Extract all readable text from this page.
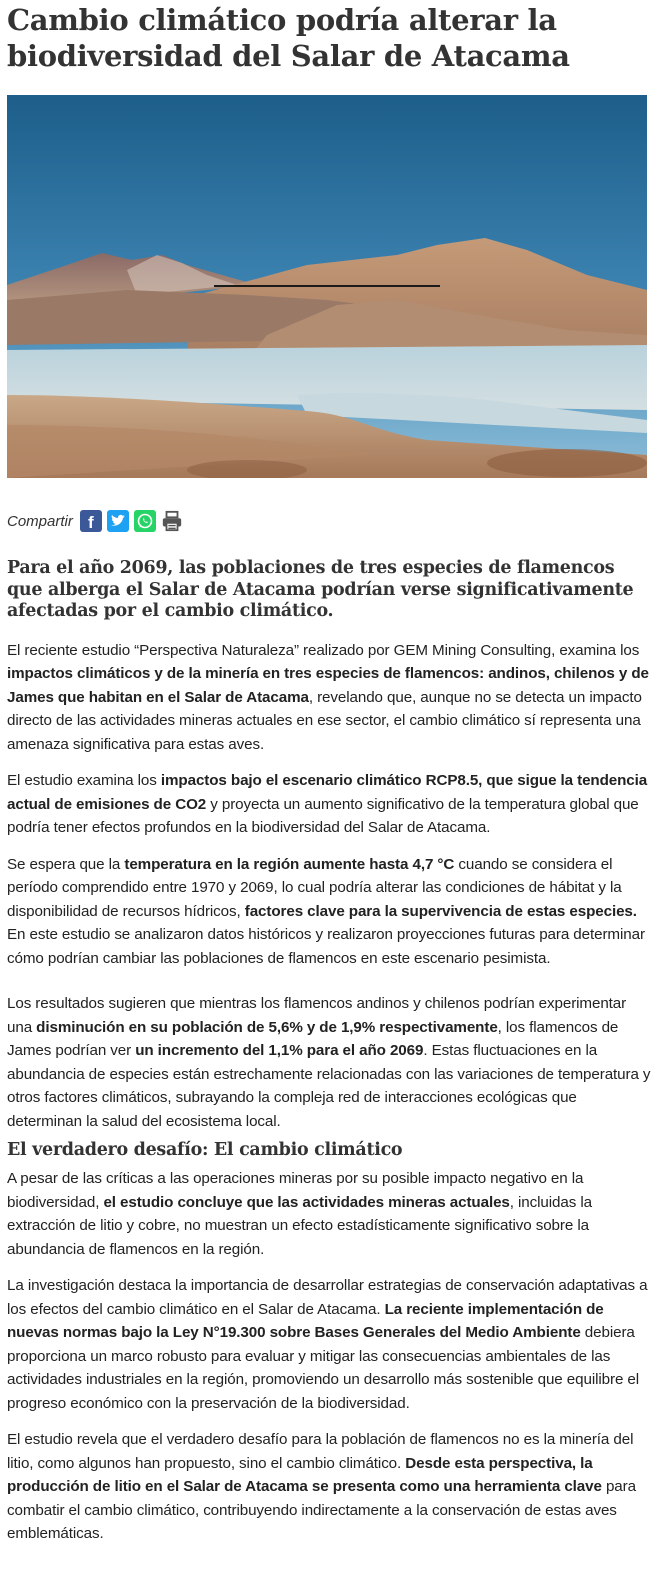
Cambio climático podría alterar la biodiversidad del Salar de Atacama
Compartir f
Para el año 2069, las poblaciones de tres especies de flamencos que alberga el Salar de Atacama podrían verse significativamente afectadas por el cambio climático.

El reciente estudio “Perspectiva Naturaleza” realizado por GEM Mining Consulting, examina los impactos climáticos y de la minería en tres especies de flamencos: andinos, chilenos y de James que habitan en el Salar de Atacama, revelando que, aunque no se detecta un impacto directo de las actividades mineras actuales en ese sector, el cambio climático sí representa una amenaza significativa para estas aves.

El estudio examina los impactos bajo el escenario climático RCP8.5, que sigue la tendencia actual de emisiones de CO2 y proyecta un aumento significativo de la temperatura global que podría tener efectos profundos en la biodiversidad del Salar de Atacama.

Se espera que la temperatura en la región aumente hasta 4,7 °C cuando se considera el período comprendido entre 1970 y 2069, lo cual podría alterar las condiciones de hábitat y la disponibilidad de recursos hídricos, factores clave para la supervivencia de estas especies. En este estudio se analizaron datos históricos y realizaron proyecciones futuras para determinar cómo podrían cambiar las poblaciones de flamencos en este escenario pesimista.

Los resultados sugieren que mientras los flamencos andinos y chilenos podrían experimentar una disminución en su población de 5,6% y de 1,9% respectivamente, los flamencos de James podrían ver un incremento del 1,1% para el año 2069. Estas fluctuaciones en la abundancia de especies están estrechamente relacionadas con las variaciones de temperatura y otros factores climáticos, subrayando la compleja red de interacciones ecológicas que determinan la salud del ecosistema local.

El verdadero desafío: El cambio climático

A pesar de las críticas a las operaciones mineras por su posible impacto negativo en la biodiversidad, el estudio concluye que las actividades mineras actuales, incluidas la extracción de litio y cobre, no muestran un efecto estadísticamente significativo sobre la abundancia de flamencos en la región.

La investigación destaca la importancia de desarrollar estrategias de conservación adaptativas a los efectos del cambio climático en el Salar de Atacama. La reciente implementación de nuevas normas bajo la Ley N°19.300 sobre Bases Generales del Medio Ambiente debiera proporciona un marco robusto para evaluar y mitigar las consecuencias ambientales de las actividades industriales en la región, promoviendo un desarrollo más sostenible que equilibre el progreso económico con la preservación de la biodiversidad.

El estudio revela que el verdadero desafío para la población de flamencos no es la minería del litio, como algunos han propuesto, sino el cambio climático. Desde esta perspectiva, la producción de litio en el Salar de Atacama se presenta como una herramienta clave para combatir el cambio climático, contribuyendo indirectamente a la conservación de estas aves emblemáticas.
